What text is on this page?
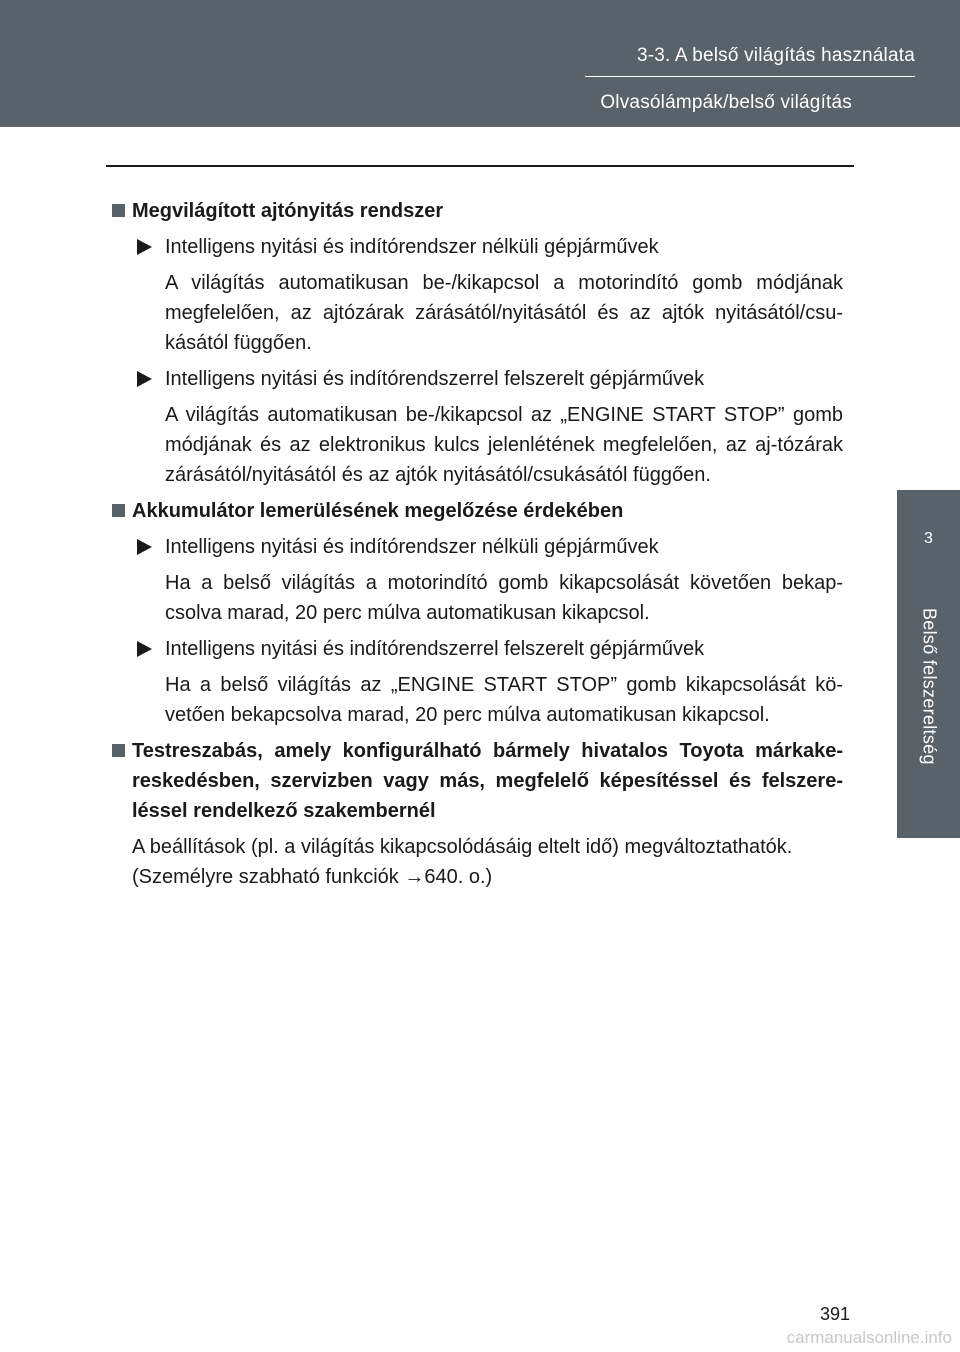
3-3. A belső világítás használata
Olvasólámpák/belső világítás
3
Belső felszereltség
Megvilágított ajtónyitás rendszer
Intelligens nyitási és indítórendszer nélküli gépjárművek
A világítás automatikusan be-/kikapcsol a motorindító gomb módjának megfelelően, az ajtózárak zárásától/nyitásától és az ajtók nyitásától/csu-kásától függően.
Intelligens nyitási és indítórendszerrel felszerelt gépjárművek
A világítás automatikusan be-/kikapcsol az „ENGINE START STOP” gomb módjának és az elektronikus kulcs jelenlétének megfelelően, az aj-tózárak zárásától/nyitásától és az ajtók nyitásától/csukásától függően.
Akkumulátor lemerülésének megelőzése érdekében
Intelligens nyitási és indítórendszer nélküli gépjárművek
Ha a belső világítás a motorindító gomb kikapcsolását követően bekap-csolva marad, 20 perc múlva automatikusan kikapcsol.
Intelligens nyitási és indítórendszerrel felszerelt gépjárművek
Ha a belső világítás az „ENGINE START STOP” gomb kikapcsolását kö-vetően bekapcsolva marad, 20 perc múlva automatikusan kikapcsol.
Testreszabás, amely konfigurálható bármely hivatalos Toyota márkake-reskedésben, szervizben vagy más, megfelelő képesítéssel és felszere-léssel rendelkező szakembernél
A beállítások (pl. a világítás kikapcsolódásáig eltelt idő) megváltoztathatók.
(Személyre szabható funkciók →640. o.)
391
carmanualsonline.info
